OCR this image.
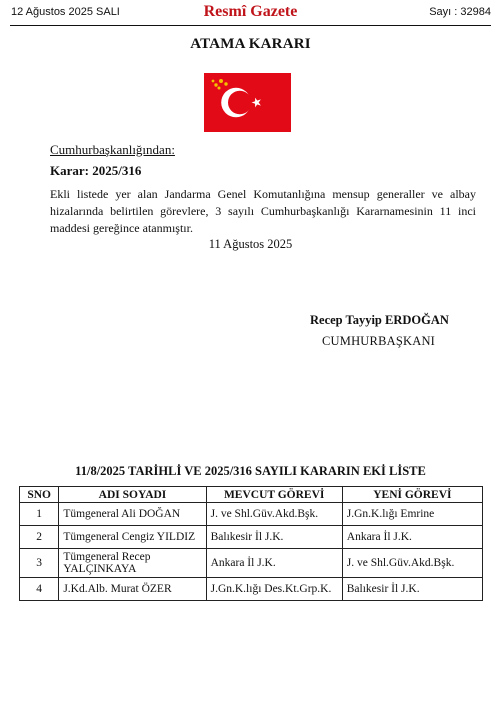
12 Ağustos 2025 SALI	Resmî Gazete	Sayı : 32984
ATAMA KARARI
Cumhurbaşkanlığından:
Karar: 2025/316
Ekli listede yer alan Jandarma Genel Komutanlığına mensup generaller ve albay hizalarında belirtilen görevlere, 3 sayılı Cumhurbaşkanlığı Kararnamesinin 11 inci maddesi gereğince atanmıştır.
11 Ağustos 2025
Recep Tayyip ERDOĞAN
CUMHURBAŞKANI
11/8/2025 TARİHLİ VE 2025/316 SAYILI KARARIN EKİ LİSTE
SNO	ADI SOYADI	MEVCUT GÖREVİ	YENİ GÖREVİ
1	Tümgeneral Ali DOĞAN	J. ve Shl.Güv.Akd.Bşk.	J.Gn.K.lığı Emrine
2	Tümgeneral Cengiz YILDIZ	Balıkesir İl J.K.	Ankara İl J.K.
3	Tümgeneral Recep YALÇINKAYA	Ankara İl J.K.	J. ve Shl.Güv.Akd.Bşk.
4	J.Kd.Alb. Murat ÖZER	J.Gn.K.lığı Des.Kt.Grp.K.	Balıkesir İl J.K.
